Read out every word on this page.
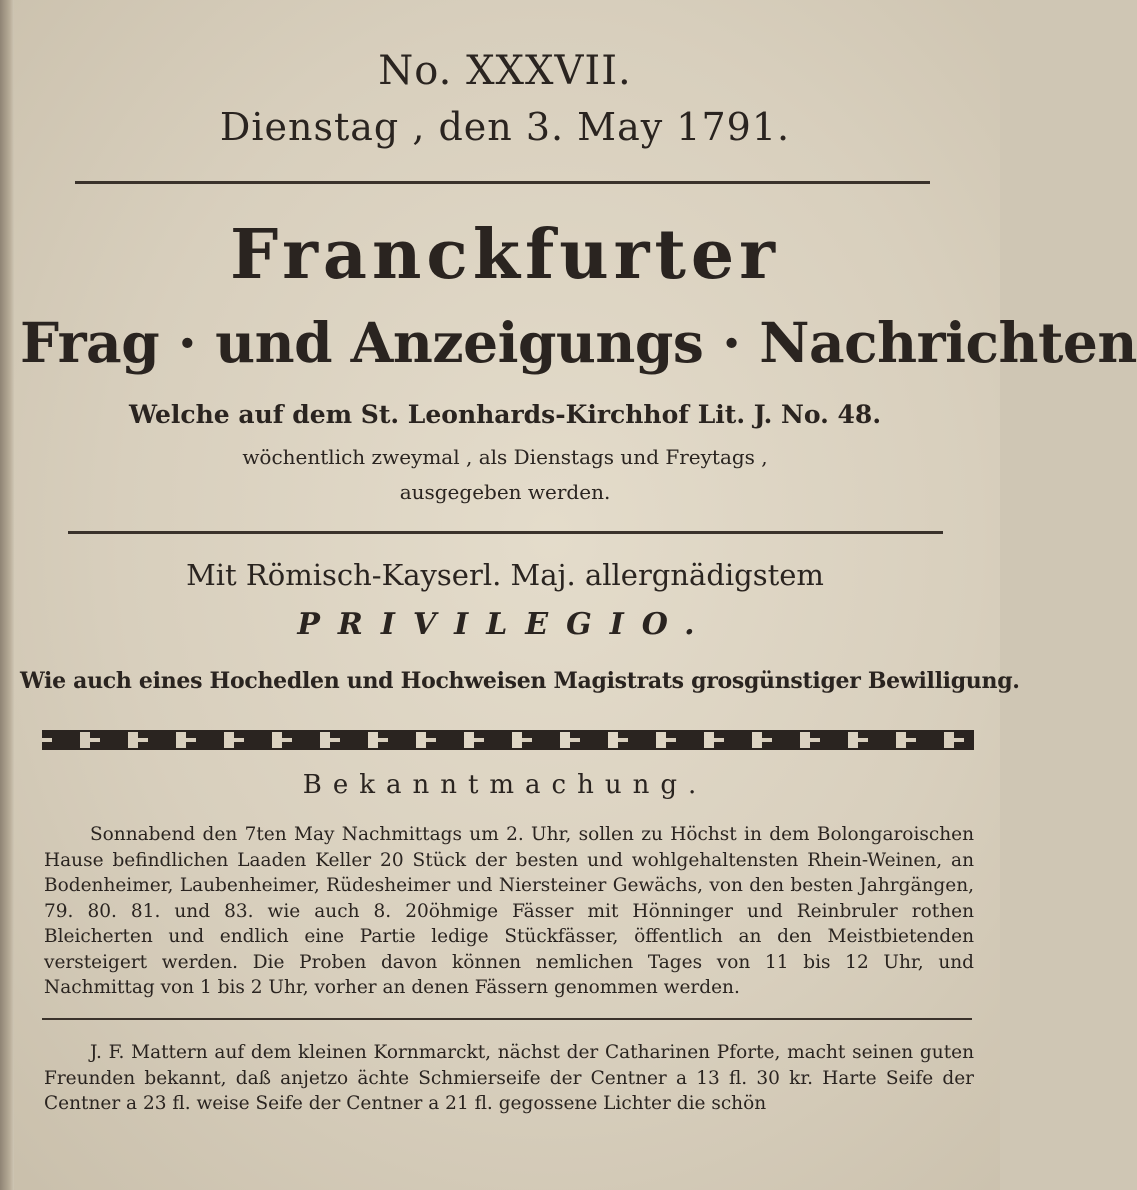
No. XXXVII.
Dienstag , den 3. May 1791.
Franckfurter
Frag · und Anzeigungs · Nachrichten
Welche auf dem St. Leonhards-Kirchhof Lit. J. No. 48.
wöchentlich zweymal , als Dienstags und Freytags ,
ausgegeben werden.
Mit Römisch-Kayserl. Maj. allergnädigstem
PRIVILEGIO.
Wie auch eines Hochedlen und Hochweisen Magistrats grosgünstiger Bewilligung.
Bekanntmachung.

Sonnabend den 7ten May Nachmittags um 2. Uhr, sollen zu Höchst in dem Bolongaroischen Hause befindlichen Laaden Keller 20 Stück der besten und wohlgehaltensten Rhein-Weinen, an Bodenheimer, Laubenheimer, Rüdesheimer und Niersteiner Gewächs, von den besten Jahrgängen, 79. 80. 81. und 83. wie auch 8. 20öhmige Fässer mit Hönninger und Reinbruler rothen Bleicherten und endlich eine Partie ledige Stückfässer, öffentlich an den Meistbietenden versteigert werden. Die Proben davon können nemlichen Tages von 11 bis 12 Uhr, und Nachmittag von 1 bis 2 Uhr, vorher an denen Fässern genommen werden.

J. F. Mattern auf dem kleinen Kornmarckt, nächst der Catharinen Pforte, macht seinen guten Freunden bekannt, daß anjetzo ächte Schmierseife der Centner a 13 fl. 30 kr. Harte Seife der Centner a 23 fl. weise Seife der Centner a 21 fl. gegossene Lichter die schön
